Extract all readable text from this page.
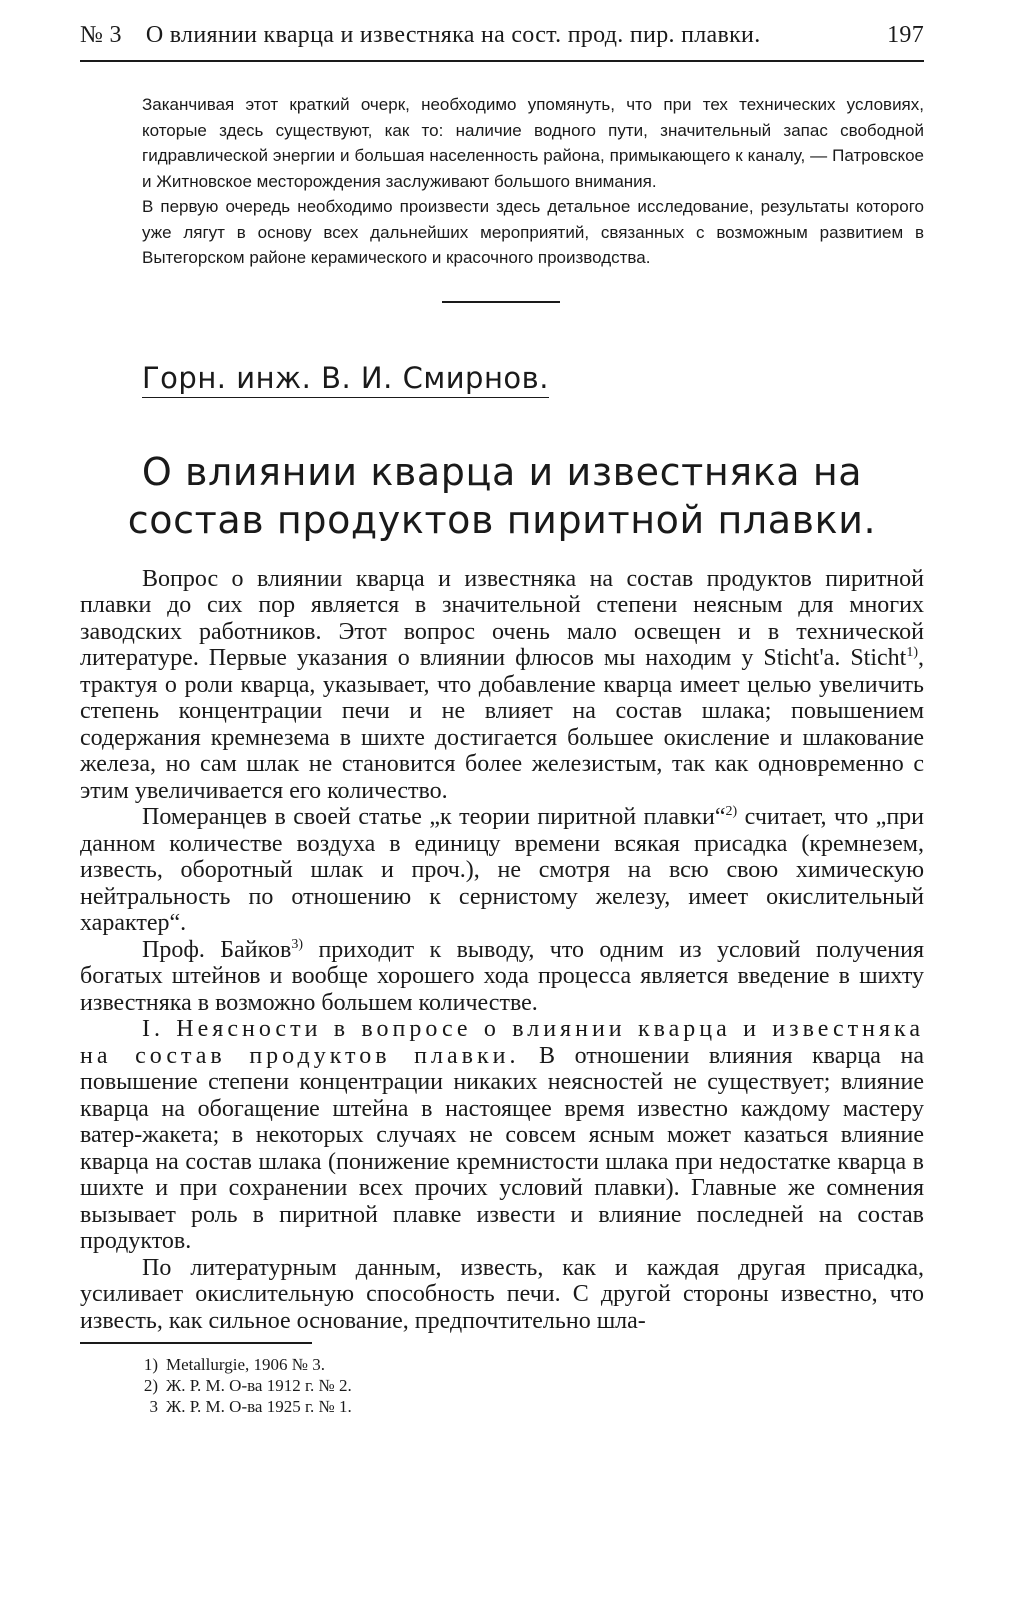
№ 3 О влиянии кварца и известняка на сост. прод. пир. плавки.	197

Заканчивая этот краткий очерк, необходимо упомянуть, что при тех технических условиях, которые здесь существуют, как то: наличие водного пути, значительный запас свободной гидравлической энергии и большая населенность района, примыкающего к каналу, — Патровское и Житновское месторождения заслуживают большого внимания.

В первую очередь необходимо произвести здесь детальное исследование, результаты которого уже лягут в основу всех дальнейших мероприятий, связанных с возможным развитием в Вытегорском районе керамического и красочного производства.

Горн. инж. В. И. Смирнов.
О влиянии кварца и известняка на состав продуктов пиритной плавки.

Вопрос о влиянии кварца и известняка на состав продуктов пиритной плавки до сих пор является в значительной степени неясным для многих заводских работников. Этот вопрос очень мало освещен и в технической литературе. Первые указания о влиянии флюсов мы находим у Sticht'a. Sticht$^{1)}$, трактуя о роли кварца, указывает, что добавление кварца имеет целью увеличить степень концентрации печи и не влияет на состав шлака; повышением содержания кремнезема в шихте достигается большее окисление и шлакование железа, но сам шлак не становится более железистым, так как одновременно с этим увеличивается его количество.

Померанцев в своей статье „к теории пиритной плавки“$^{2)}$ считает, что „при данном количестве воздуха в единицу времени всякая присадка (кремнезем, известь, оборотный шлак и проч.), не смотря на всю свою химическую нейтральность по отношению к сернистому железу, имеет окислительный характер“.

Проф. Байков$^{3)}$ приходит к выводу, что одним из условий получения богатых штейнов и вообще хорошего хода процесса является введение в шихту известняка в возможно большем количестве.

I. Неясности в вопросе о влиянии кварца и известняка на состав продуктов плавки. В отношении влияния кварца на повышение степени концентрации никаких неясностей не существует; влияние кварца на обогащение штейна в настоящее время известно каждому мастеру ватер-жакета; в некоторых случаях не совсем ясным может казаться влияние кварца на состав шлака (понижение кремнистости шлака при недостатке кварца в шихте и при сохранении всех прочих условий плавки). Главные же сомнения вызывает роль в пиритной плавке извести и влияние последней на состав продуктов.

По литературным данным, известь, как и каждая другая присадка, усиливает окислительную способность печи. С другой стороны известно, что известь, как сильное основание, предпочтительно шла-

1) Metallurgie, 1906 № 3.
2) Ж. Р. М. О-ва 1912 г. № 2.
3 Ж. Р. М. О-ва 1925 г. № 1.
